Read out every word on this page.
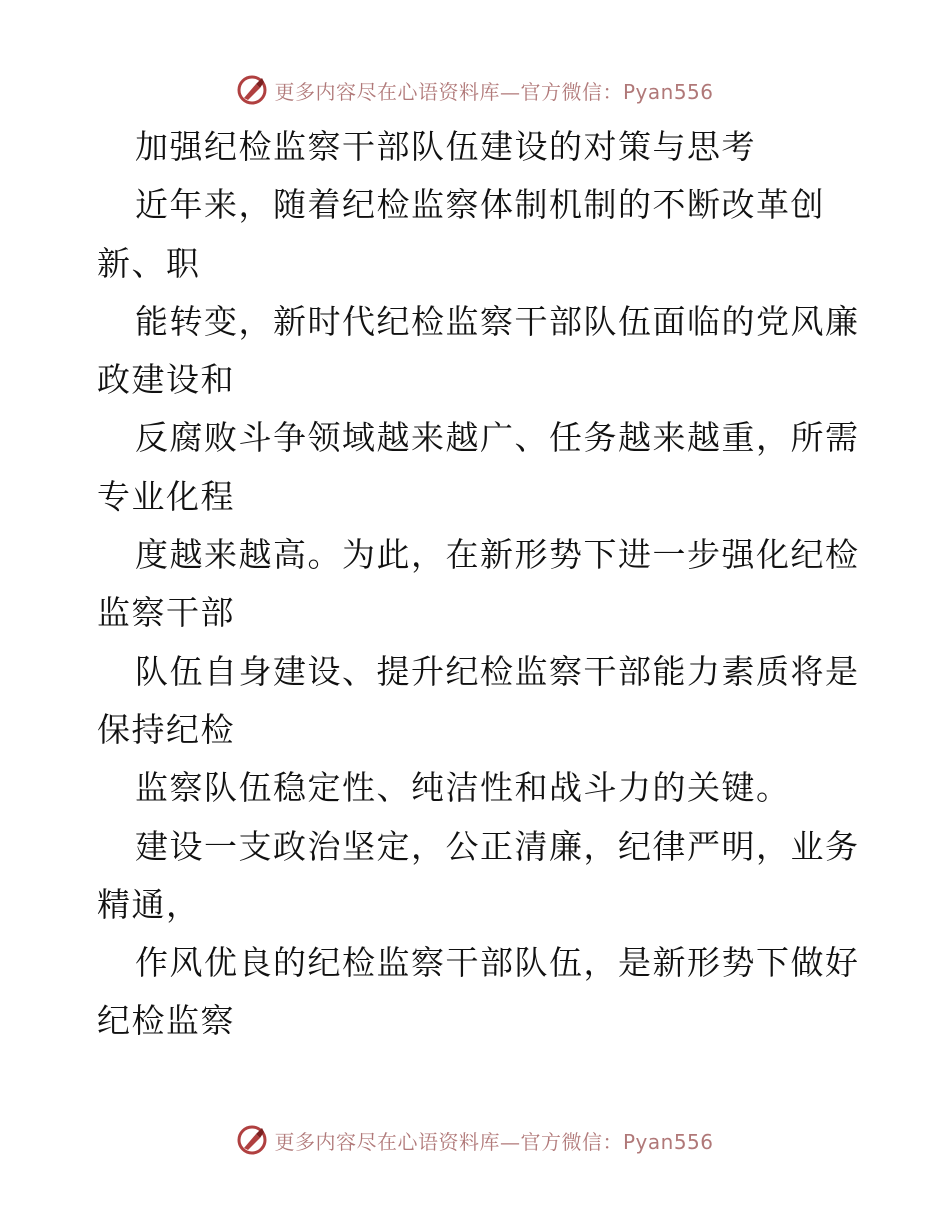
更多内容尽在心语资料库—官方微信：Pyan556
加强纪检监察干部队伍建设的对策与思考
近年来，随着纪检监察体制机制的不断改革创
新、职
能转变，新时代纪检监察干部队伍面临的党风廉
政建设和
反腐败斗争领域越来越广、任务越来越重，所需
专业化程
度越来越高。为此，在新形势下进一步强化纪检
监察干部
队伍自身建设、提升纪检监察干部能力素质将是
保持纪检
监察队伍稳定性、纯洁性和战斗力的关键。
建设一支政治坚定，公正清廉，纪律严明，业务
精通，
作风优良的纪检监察干部队伍，是新形势下做好
纪检监察
更多内容尽在心语资料库—官方微信：Pyan556
